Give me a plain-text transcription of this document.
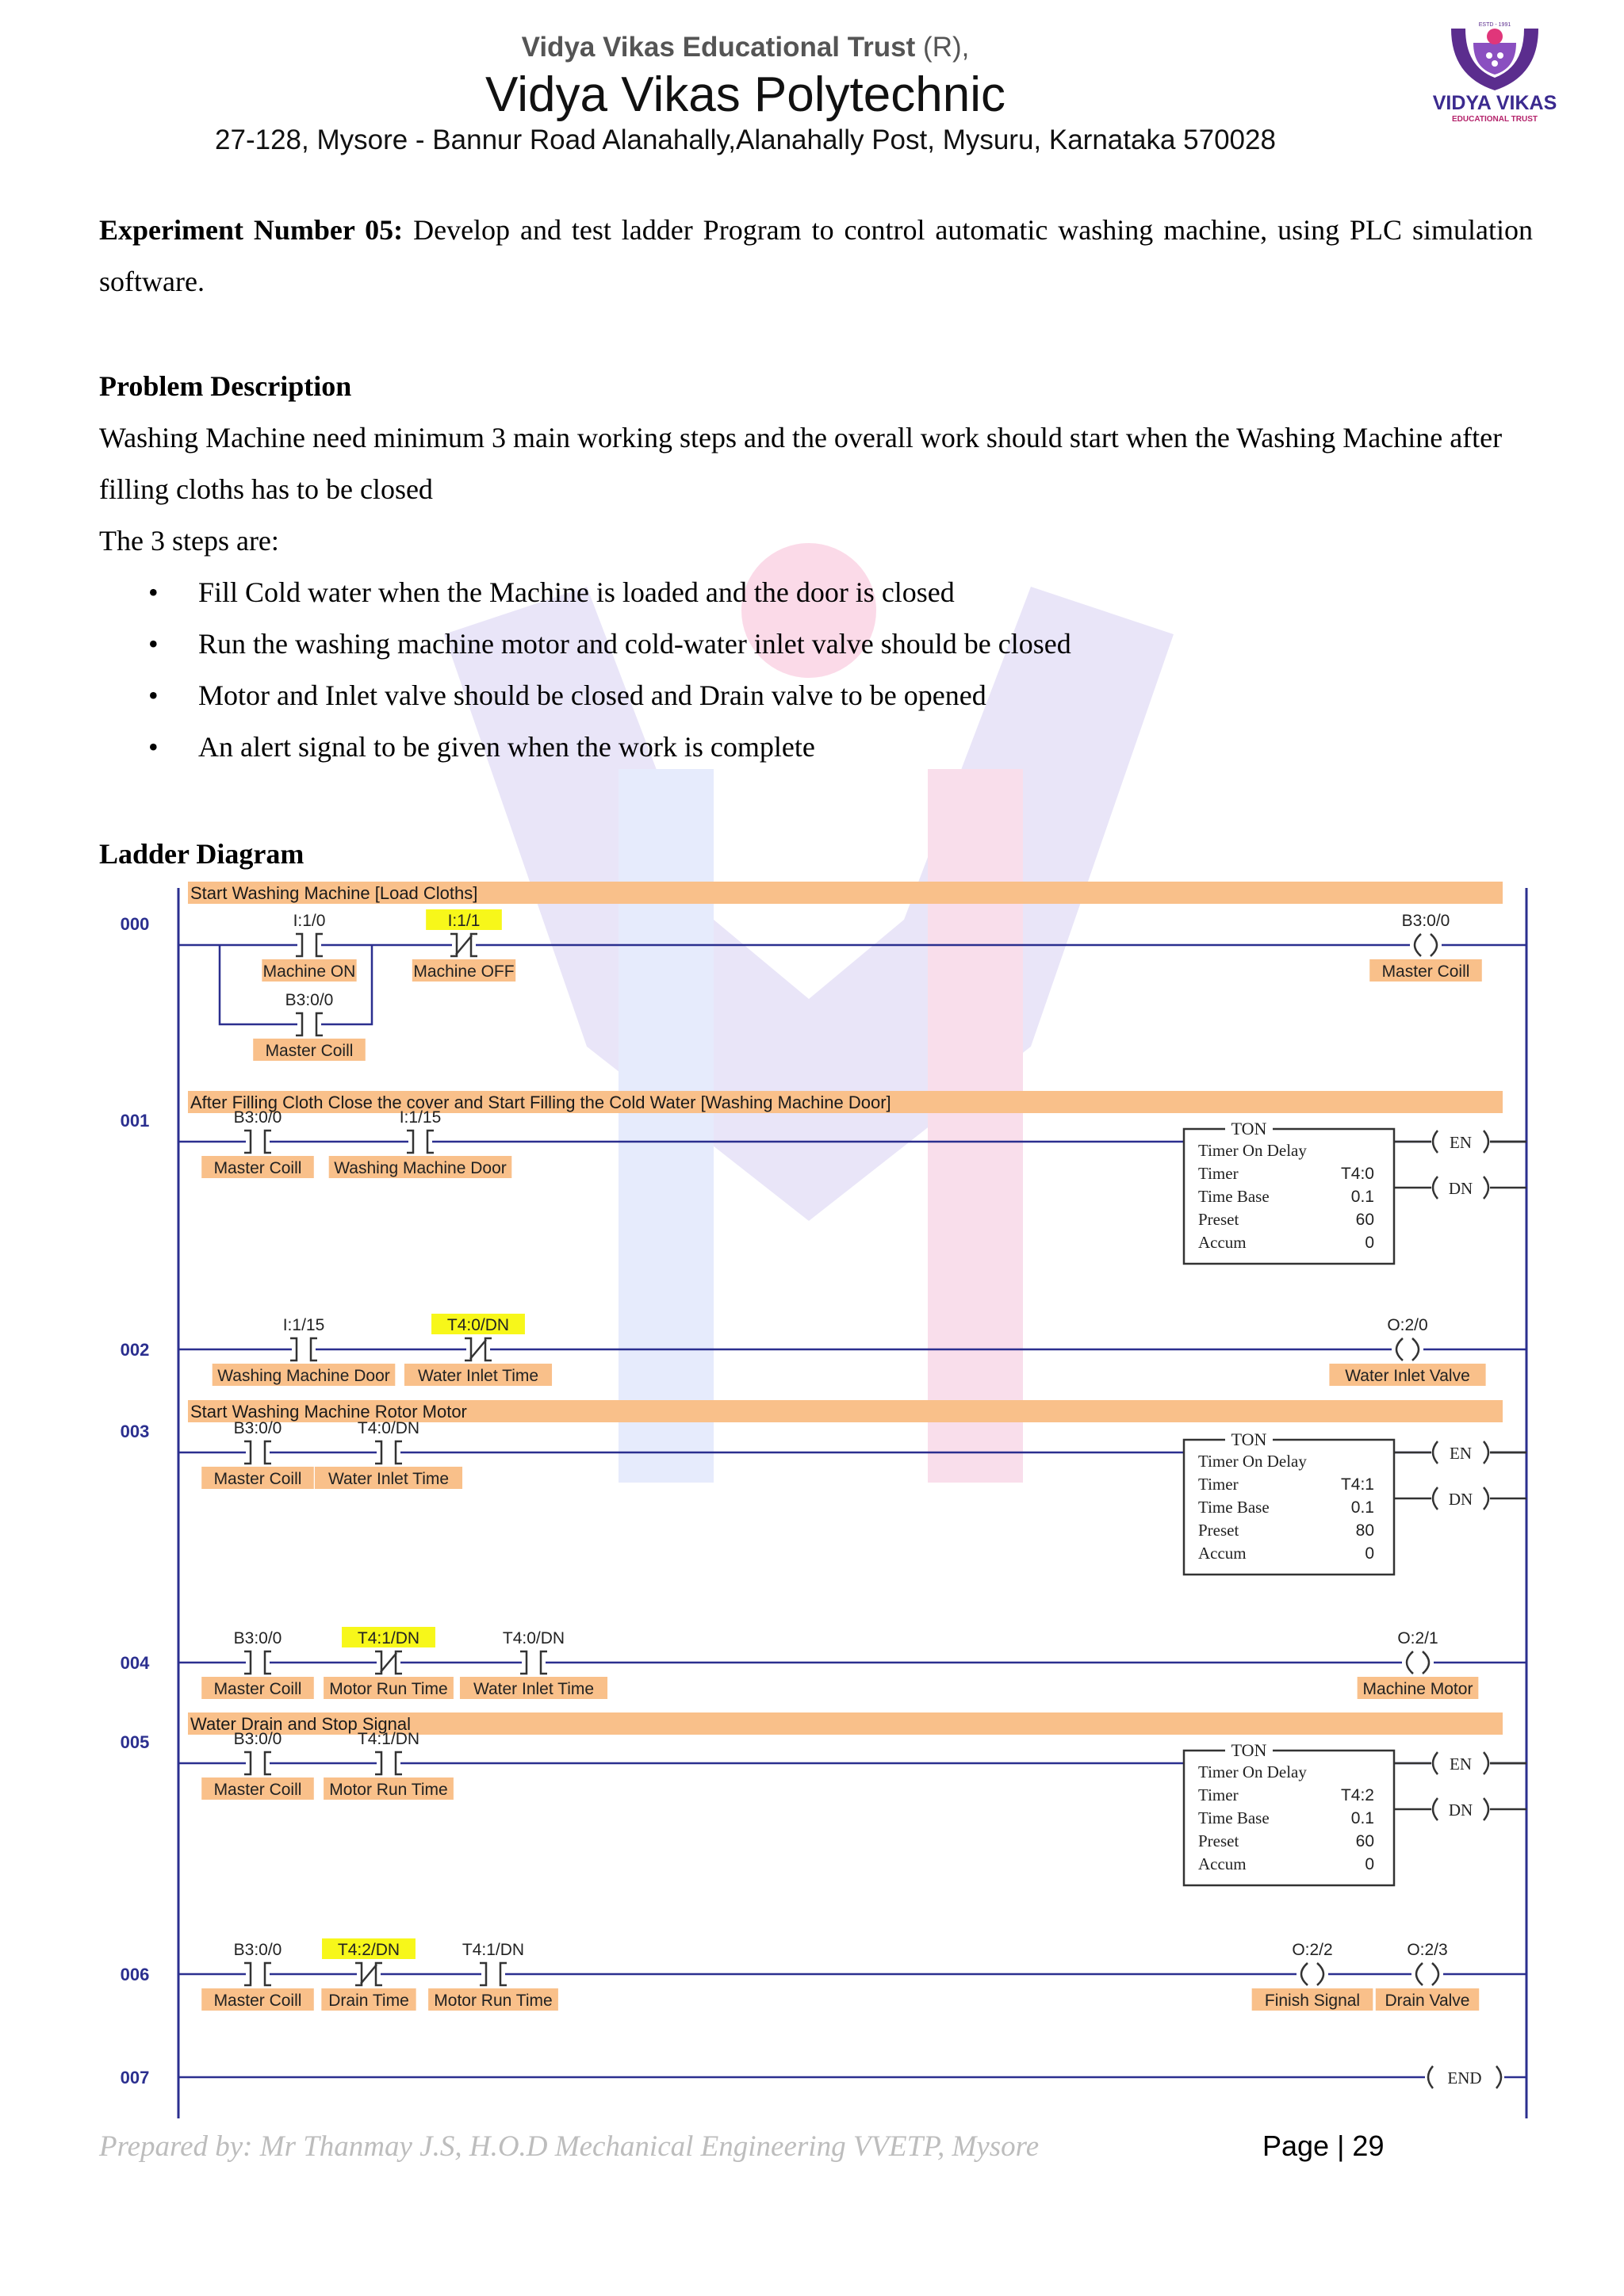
Vidya Vikas Educational Trust (R),
Vidya Vikas Polytechnic
27-128, Mysore - Bannur Road Alanahally,Alanahally Post, Mysuru, Karnataka 570028
ESTD - 1991
VIDYA VIKAS
EDUCATIONAL TRUST
Experiment Number 05: Develop and test ladder Program to control automatic washing machine, using PLC simulation software.
Problem Description
Washing Machine need minimum 3 main working steps and the overall work should start when the Washing Machine after filling cloths has to be closed
The 3 steps are:
• Fill Cold water when the Machine is loaded and the door is closed
• Run the washing machine motor and cold-water inlet valve should be closed
• Motor and Inlet valve should be closed and Drain valve to be opened
• An alert signal to be given when the work is complete
Ladder Diagram
000
Start Washing Machine [Load Cloths]
001
After Filling Cloth Close the cover and Start Filling the Cold Water [Washing Machine Door]
002
003
Start Washing Machine Rotor Motor
004
005
Water Drain and Stop Signal
006
007
I:1/0
Machine ON
I:1/1
Machine OFF
B3:0/0
Master Coill
B3:0/0
Master Coill
B3:0/0
Master Coill
I:1/15
Washing Machine Door
TON
Timer On Delay
Timer	T4:0
Time Base	0.1
Preset	60
Accum	0
EN
DN
I:1/15
Washing Machine Door
T4:0/DN
Water Inlet Time
O:2/0
Water Inlet Valve
B3:0/0
Master Coill
T4:0/DN
Water Inlet Time
TON
Timer On Delay
Timer	T4:1
Time Base	0.1
Preset	80
Accum	0
EN
DN
B3:0/0
Master Coill
T4:1/DN
Motor Run Time
T4:0/DN
Water Inlet Time
O:2/1
Machine Motor
B3:0/0
Master Coill
T4:1/DN
Motor Run Time
TON
Timer On Delay
Timer	T4:2
Time Base	0.1
Preset	60
Accum	0
EN
DN
B3:0/0
Master Coill
T4:2/DN
Drain Time
T4:1/DN
Motor Run Time
O:2/2
Finish Signal
O:2/3
Drain Valve
END
Prepared by: Mr Thanmay J.S, H.O.D Mechanical Engineering VVETP, Mysore	Page | 29
